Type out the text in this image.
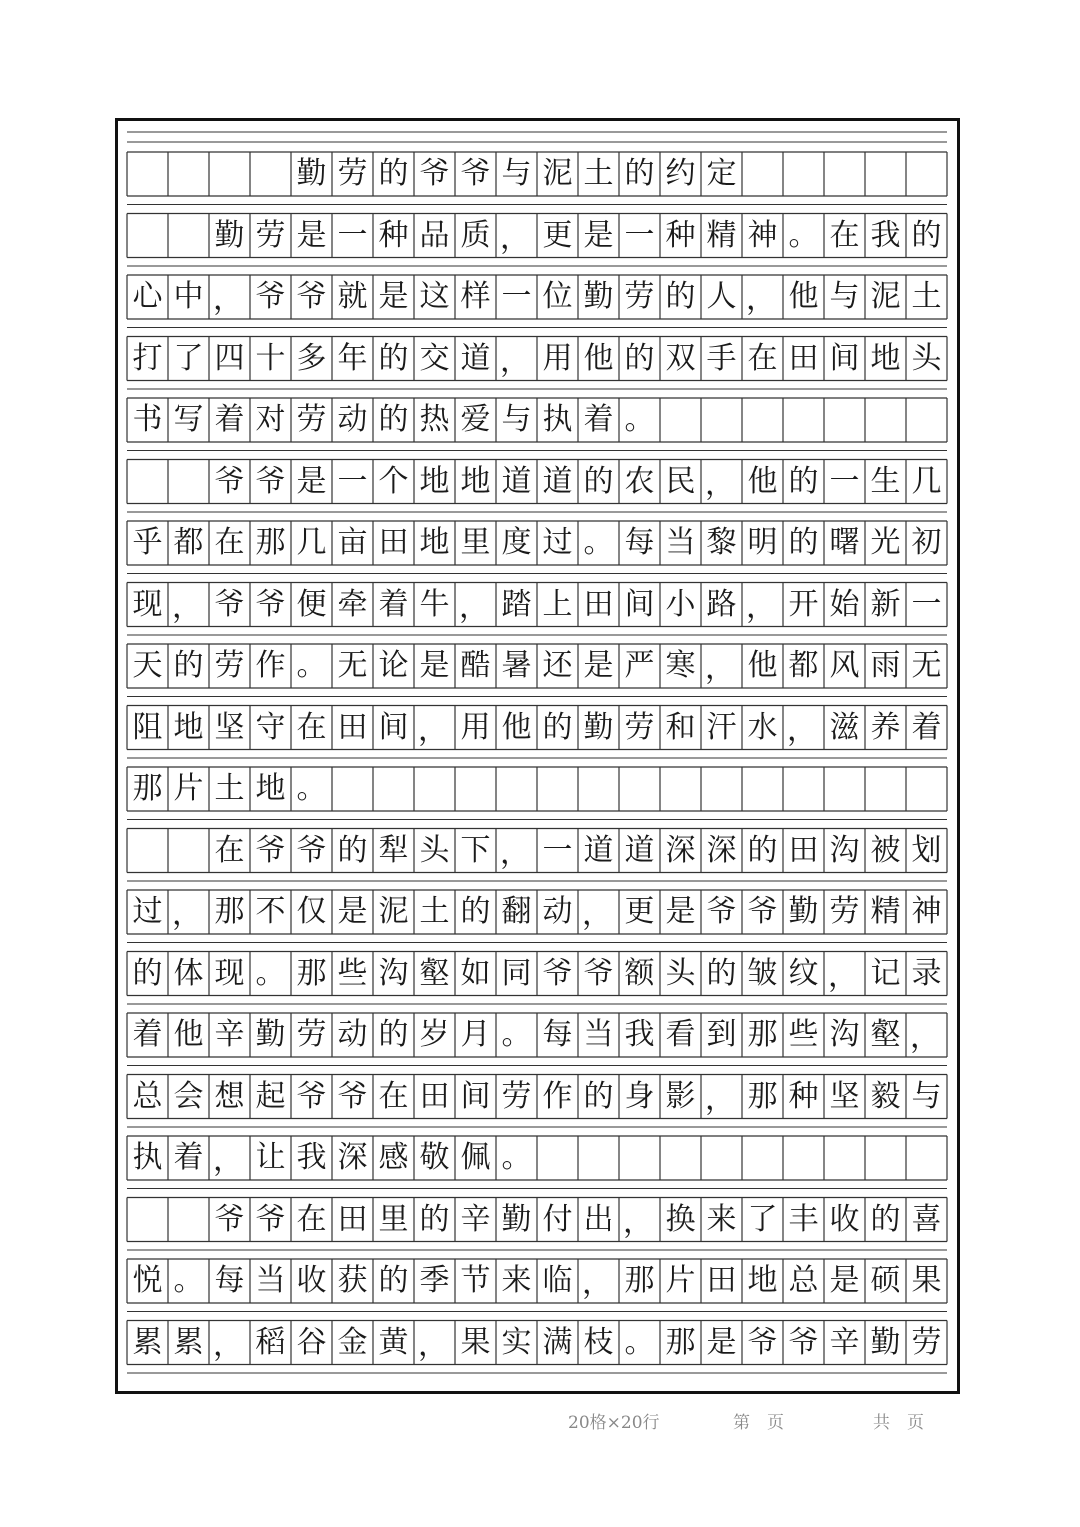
勤 劳 的 爷 爷 与 泥 土 的 约 定
勤 劳 是 一 种 品 质 ， 更 是 一 种 精 神 。 在 我 的
心 中 ， 爷 爷 就 是 这 样 一 位 勤 劳 的 人 ， 他 与 泥 土
打 了 四 十 多 年 的 交 道 ， 用 他 的 双 手 在 田 间 地 头
书 写 着 对 劳 动 的 热 爱 与 执 着 。
爷 爷 是 一 个 地 地 道 道 的 农 民 ， 他 的 一 生 几
乎 都 在 那 几 亩 田 地 里 度 过 。 每 当 黎 明 的 曙 光 初
现 ， 爷 爷 便 牵 着 牛 ， 踏 上 田 间 小 路 ， 开 始 新 一
天 的 劳 作 。 无 论 是 酷 暑 还 是 严 寒 ， 他 都 风 雨 无
阻 地 坚 守 在 田 间 ， 用 他 的 勤 劳 和 汗 水 ， 滋 养 着
那 片 土 地 。
在 爷 爷 的 犁 头 下 ， 一 道 道 深 深 的 田 沟 被 划
过 ， 那 不 仅 是 泥 土 的 翻 动 ， 更 是 爷 爷 勤 劳 精 神
的 体 现 。 那 些 沟 壑 如 同 爷 爷 额 头 的 皱 纹 ， 记 录
着 他 辛 勤 劳 动 的 岁 月 。 每 当 我 看 到 那 些 沟 壑 ，
总 会 想 起 爷 爷 在 田 间 劳 作 的 身 影 ， 那 种 坚 毅 与
执 着 ， 让 我 深 感 敬 佩 。
爷 爷 在 田 里 的 辛 勤 付 出 ， 换 来 了 丰 收 的 喜
悦 。 每 当 收 获 的 季 节 来 临 ， 那 片 田 地 总 是 硕 果
累 累 ， 稻 谷 金 黄 ， 果 实 满 枝 。 那 是 爷 爷 辛 勤 劳
20格×20行	第　页	共　页
